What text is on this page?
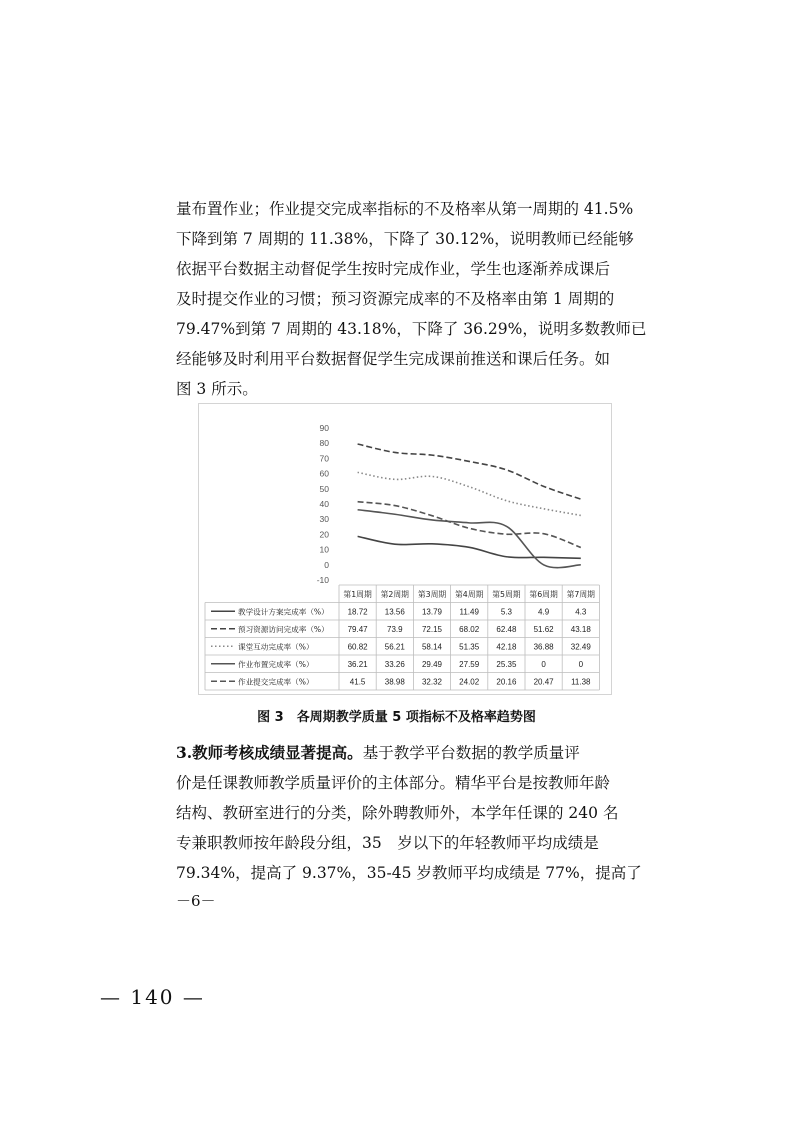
量布置作业；作业提交完成率指标的不及格率从第一周期的 41.5%
下降到第 7 周期的 11.38%，下降了 30.12%，说明教师已经能够
依据平台数据主动督促学生按时完成作业，学生也逐渐养成课后
及时提交作业的习惯；预习资源完成率的不及格率由第 1 周期的
79.47%到第 7 周期的 43.18%，下降了 36.29%，说明多数教师已
经能够及时利用平台数据督促学生完成课前推送和课后任务。如
图 3 所示。

90
80
70
60
50
40
30
20
10
0
-10
第1周期 第2周期 第3周期 第4周期 第5周期 第6周期 第7周期
教学设计方案完成率（%） 18.72 13.56 13.79 11.49	5.3	4.9	4.3
预习资源访问完成率（%） 79.47 73.9 72.15 68.02 62.48 51.62 43.18
课堂互动完成率（%）	60.82 56.21 58.14 51.35 42.18 36.88 32.49
作业布置完成率（%）	36.21 33.26 29.49 27.59 25.35	0	0
作业提交完成率（%）	41.5 38.98 32.32 24.02 20.16 20.47 11.38
图 3　各周期教学质量 5 项指标不及格率趋势图

3.教师考核成绩显著提高。基于教学平台数据的教学质量评
价是任课教师教学质量评价的主体部分。精华平台是按教师年龄
结构、教研室进行的分类，除外聘教师外，本学年任课的 240 名
专兼职教师按年龄段分组，35　岁以下的年轻教师平均成绩是
79.34%，提高了 9.37%，35-45 岁教师平均成绩是 77%，提高了

－6－
— 140 —
